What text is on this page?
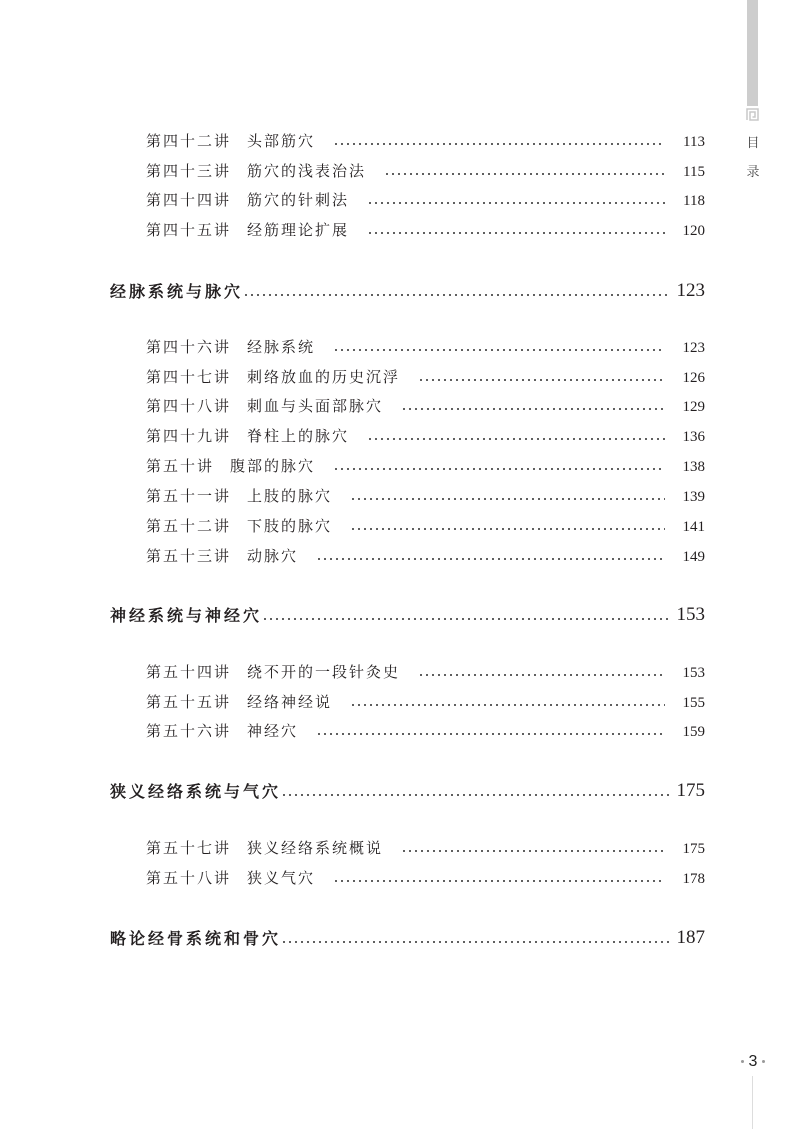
目
录
第四十二讲 头部筋穴	113
第四十三讲 筋穴的浅表治法	115
第四十四讲 筋穴的针刺法	118
第四十五讲 经筋理论扩展	120
经脉系统与脉穴	123
第四十六讲 经脉系统	123
第四十七讲 刺络放血的历史沉浮	126
第四十八讲 刺血与头面部脉穴	129
第四十九讲 脊柱上的脉穴	136
第五十讲 腹部的脉穴	138
第五十一讲 上肢的脉穴	139
第五十二讲 下肢的脉穴	141
第五十三讲 动脉穴	149
神经系统与神经穴	153
第五十四讲 绕不开的一段针灸史	153
第五十五讲 经络神经说	155
第五十六讲 神经穴	159
狭义经络系统与气穴	175
第五十七讲 狭义经络系统概说	175
第五十八讲 狭义气穴	178
略论经骨系统和骨穴	187
3
